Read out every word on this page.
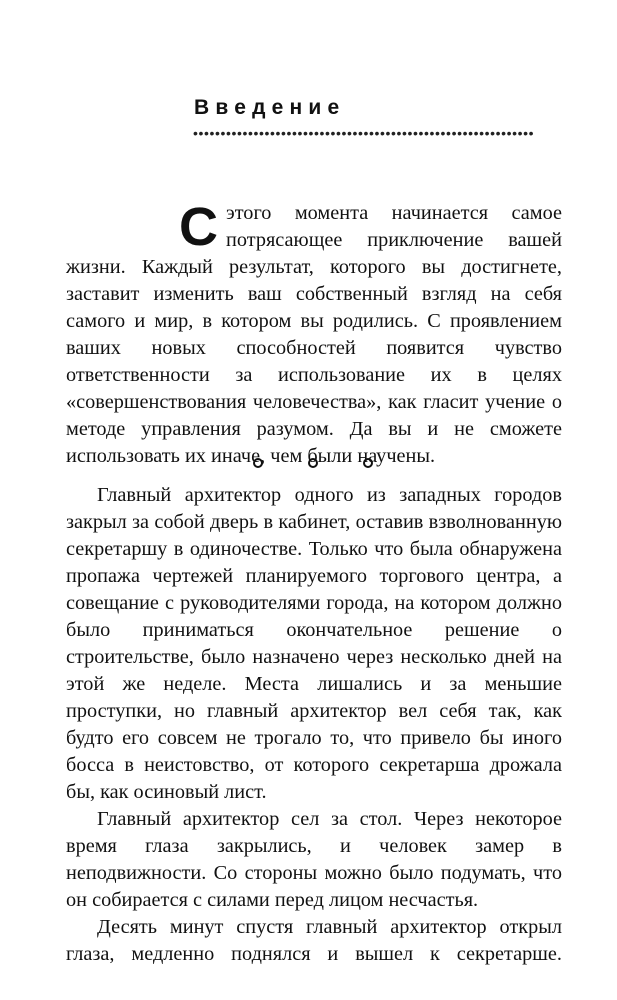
Введение
•••••

С этого момента начинается самое потрясающее приключение вашей жизни. Каждый результат, которого вы достигнете, заставит изменить ваш собственный взгляд на себя самого и мир, в котором вы родились. С проявлением ваших новых способностей появится чувство ответственности за использование их в целях «совершенствования человечества», как гласит учение о методе управления разумом. Да вы и не сможете использовать их иначе, чем были научены.

Главный архитектор одного из западных городов закрыл за собой дверь в кабинет, оставив взволнованную секретаршу в одиночестве. Только что была обнаружена пропажа чертежей планируемого торгового центра, а совещание с руководителями города, на котором должно было приниматься окончательное решение о строительстве, было назначено через несколько дней на этой же неделе. Места лишались и за меньшие проступки, но главный архитектор вел себя так, как будто его совсем не трогало то, что привело бы иного босса в неистовство, от которого секретарша дрожала бы, как осиновый лист.

Главный архитектор сел за стол. Через некоторое время глаза закрылись, и человек замер в неподвижности. Со стороны можно было подумать, что он собирается с силами перед лицом несчастья.

Десять минут спустя главный архитектор открыл глаза, медленно поднялся и вышел к секретарше.
